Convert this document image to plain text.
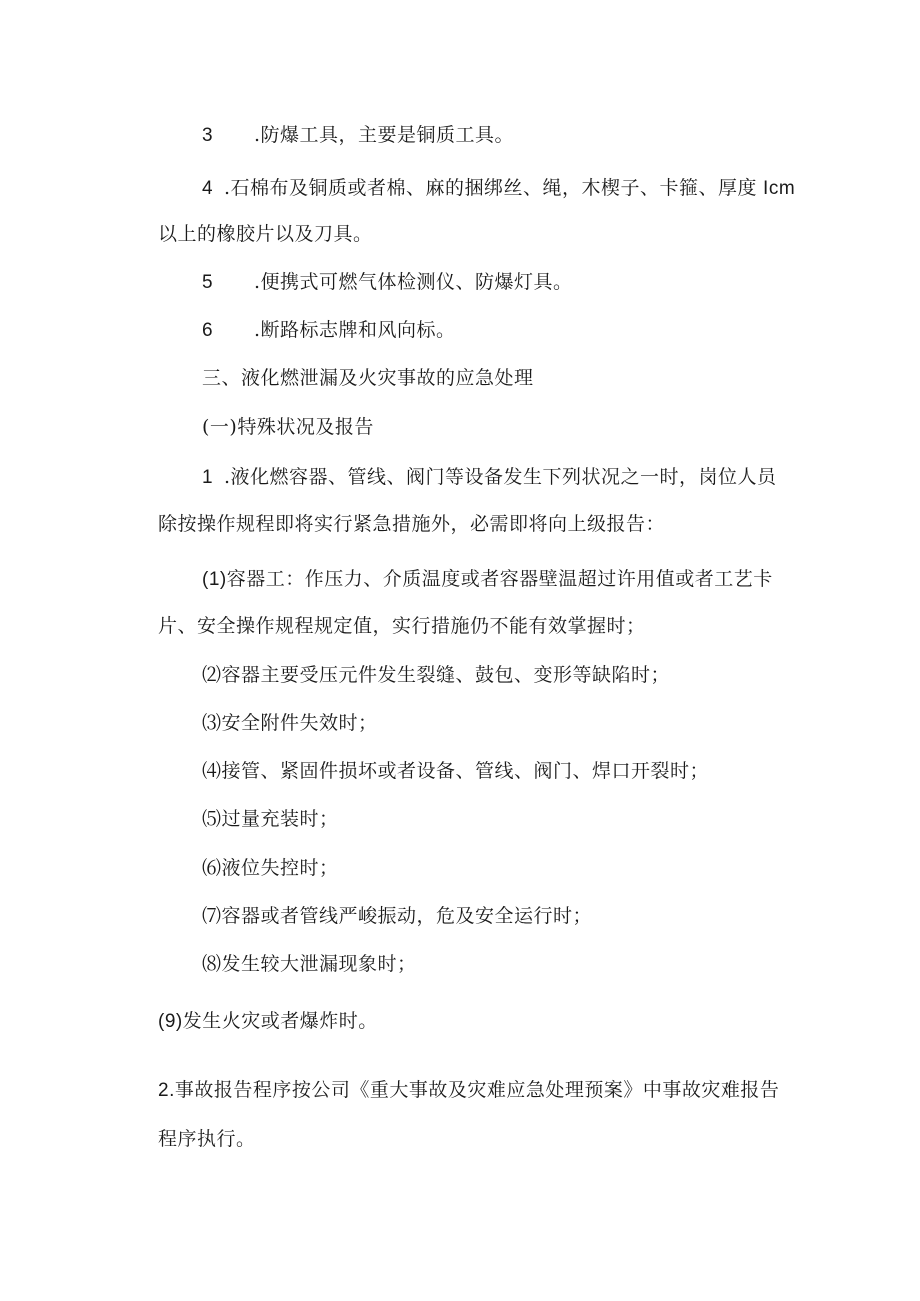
3 .防爆工具，主要是铜质工具。
4 .石棉布及铜质或者棉、麻的捆绑丝、绳，木楔子、卡箍、厚度 Icm
以上的橡胶片以及刀具。
5 .便携式可燃气体检测仪、防爆灯具。
6 .断路标志牌和风向标。
三、液化燃泄漏及火灾事故的应急处理
(一)特殊状况及报告
1 .液化燃容器、管线、阀门等设备发生下列状况之一时，岗位人员
除按操作规程即将实行紧急措施外，必需即将向上级报告：
(1)容器工：作压力、介质温度或者容器壁温超过许用值或者工艺卡
片、安全操作规程规定值，实行措施仍不能有效掌握时；
⑵容器主要受压元件发生裂缝、鼓包、变形等缺陷时；
⑶安全附件失效时；
⑷接管、紧固件损坏或者设备、管线、阀门、焊口开裂时；
⑸过量充装时；
⑹液位失控时；
⑺容器或者管线严峻振动，危及安全运行时；
⑻发生较大泄漏现象时；
(9)发生火灾或者爆炸时。
2.事故报告程序按公司《重大事故及灾难应急处理预案》中事故灾难报告
程序执行。
